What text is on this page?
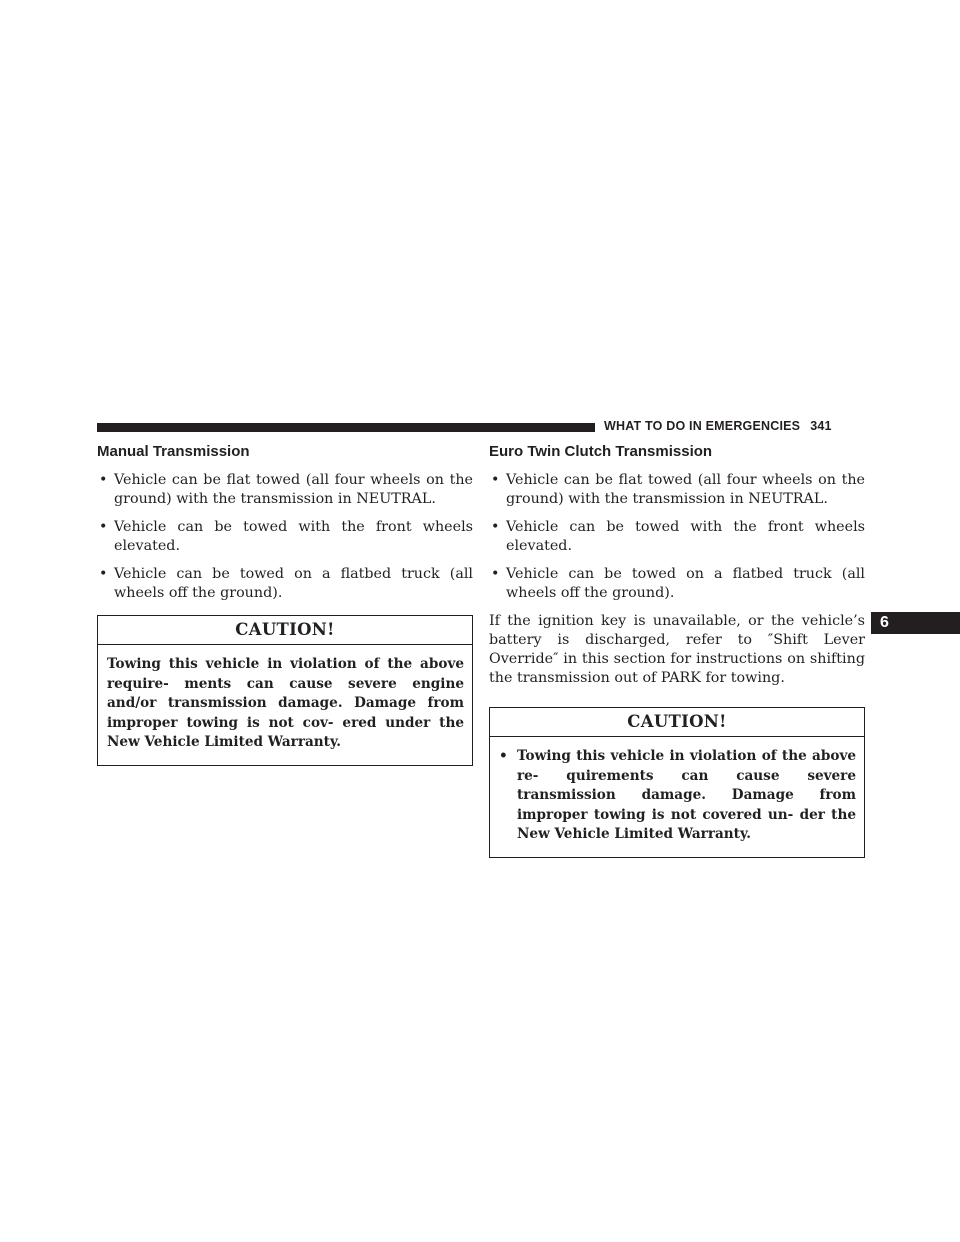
WHAT TO DO IN EMERGENCIES 341
6
Manual Transmission
• Vehicle can be flat towed (all four wheels on the ground) with the transmission in NEUTRAL.
• Vehicle can be towed with the front wheels elevated.
• Vehicle can be towed on a flatbed truck (all wheels off the ground).
CAUTION!
Towing this vehicle in violation of the above require- ments can cause severe engine and/or transmission damage. Damage from improper towing is not cov- ered under the New Vehicle Limited Warranty.
Euro Twin Clutch Transmission
• Vehicle can be flat towed (all four wheels on the ground) with the transmission in NEUTRAL.
• Vehicle can be towed with the front wheels elevated.
• Vehicle can be towed on a flatbed truck (all wheels off the ground).

If the ignition key is unavailable, or the vehicle’s battery is discharged, refer to ″Shift Lever Override″ in this section for instructions on shifting the transmission out of PARK for towing.

CAUTION!
• Towing this vehicle in violation of the above re- quirements can cause severe transmission damage. Damage from improper towing is not covered un- der the New Vehicle Limited Warranty.
